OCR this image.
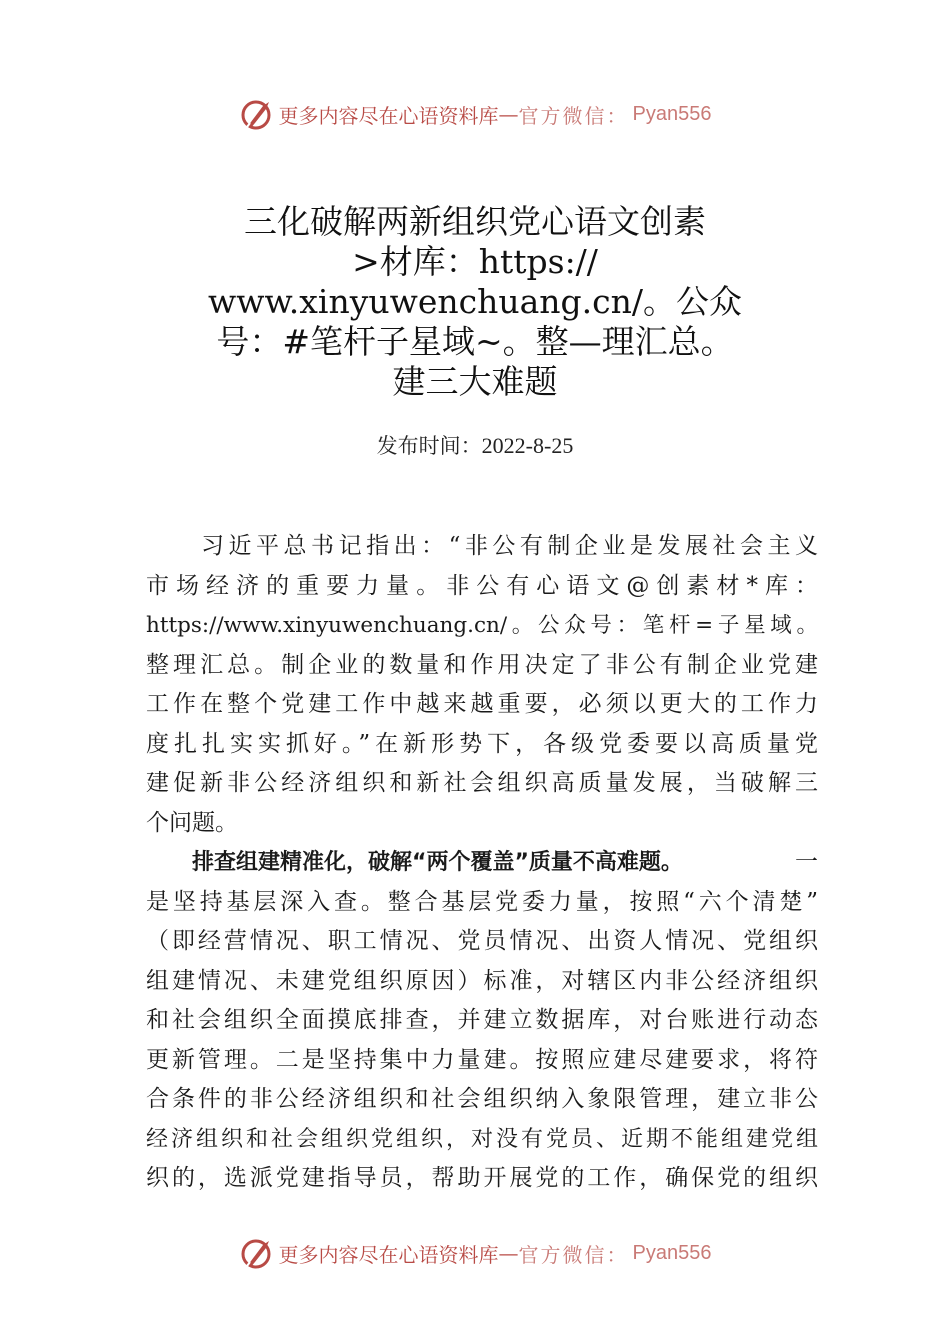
更多内容尽在心语资料库 — 官方微信： Pyan556
三化破解两新组织党心语文创素
>材库：https://
www.xinyuwenchuang.cn/。公众
号：#笔杆子星域~。整—理汇总。
建三大难题
发布时间：2022-8-25
　　习近平总书记指出：“非公有制企业是发展社会主义
市场经济的重要力量。非公有心语文@创素材*库：
https://www.xinyuwenchuang.cn/。公众号：笔杆=子星域。
整理汇总。制企业的数量和作用决定了非公有制企业党建
工作在整个党建工作中越来越重要，必须以更大的工作力
度扎扎实实抓好。”在新形势下，各级党委要以高质量党
建促新非公经济组织和新社会组织高质量发展，当破解三
个问题。

排查组建精准化，破解“两个覆盖”质量不高难题。	一
是坚持基层深入查。整合基层党委力量，按照“六个清楚”
（即经营情况、职工情况、党员情况、出资人情况、党组织
组建情况、未建党组织原因）标准，对辖区内非公经济组织
和社会组织全面摸底排查，并建立数据库，对台账进行动态
更新管理。二是坚持集中力量建。按照应建尽建要求，将符
合条件的非公经济组织和社会组织纳入象限管理，建立非公
经济组织和社会组织党组织，对没有党员、近期不能组建党组
织的，选派党建指导员，帮助开展党的工作，确保党的组织
更多内容尽在心语资料库 — 官方微信： Pyan556
